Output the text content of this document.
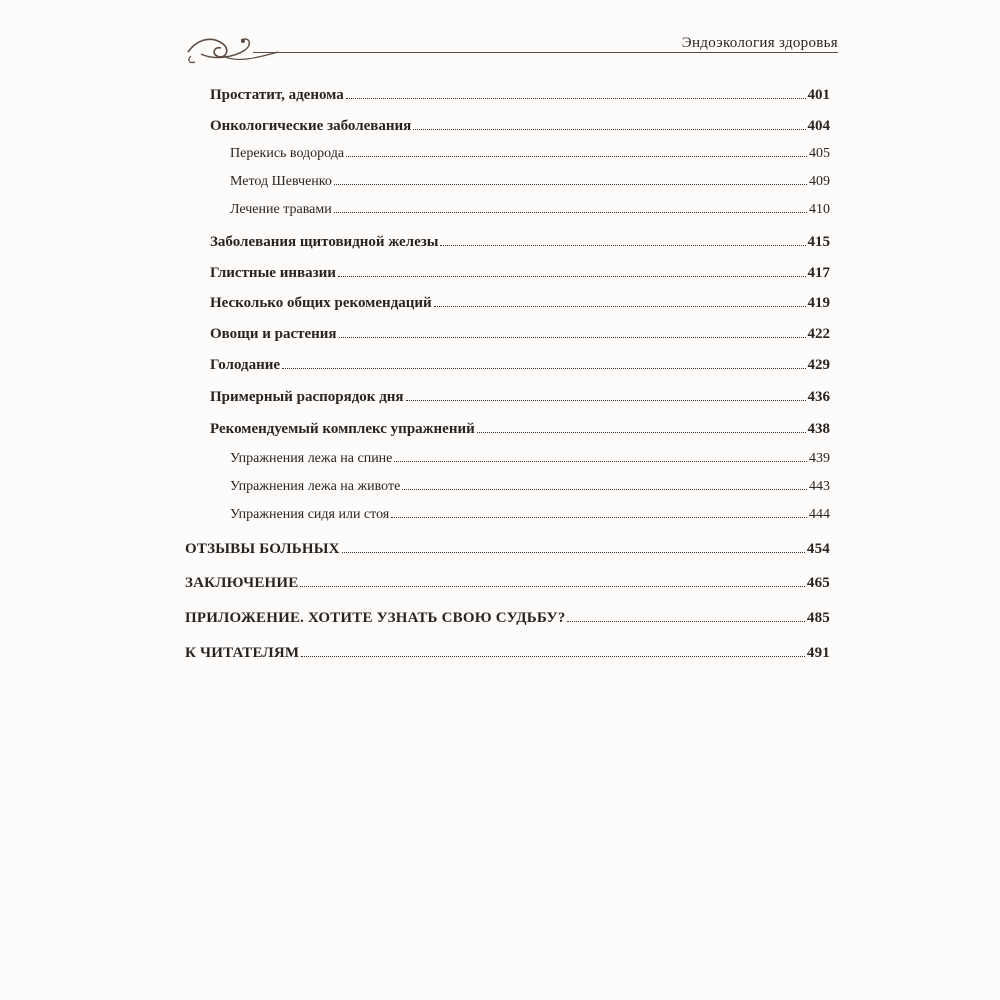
Эндоэкология здоровья
Простатит, аденома	401
Онкологические заболевания	404
Перекись водорода	405
Метод Шевченко	409
Лечение травами	410
Заболевания щитовидной железы	415
Глистные инвазии	417
Несколько общих рекомендаций	419
Овощи и растения	422
Голодание	429
Примерный распорядок дня	436
Рекомендуемый комплекс упражнений	438
Упражнения лежа на спине	439
Упражнения лежа на животе	443
Упражнения сидя или стоя	444
ОТЗЫВЫ БОЛЬНЫХ	454
ЗАКЛЮЧЕНИЕ	465
ПРИЛОЖЕНИЕ. ХОТИТЕ УЗНАТЬ СВОЮ СУДЬБУ?	485
К ЧИТАТЕЛЯМ	491
